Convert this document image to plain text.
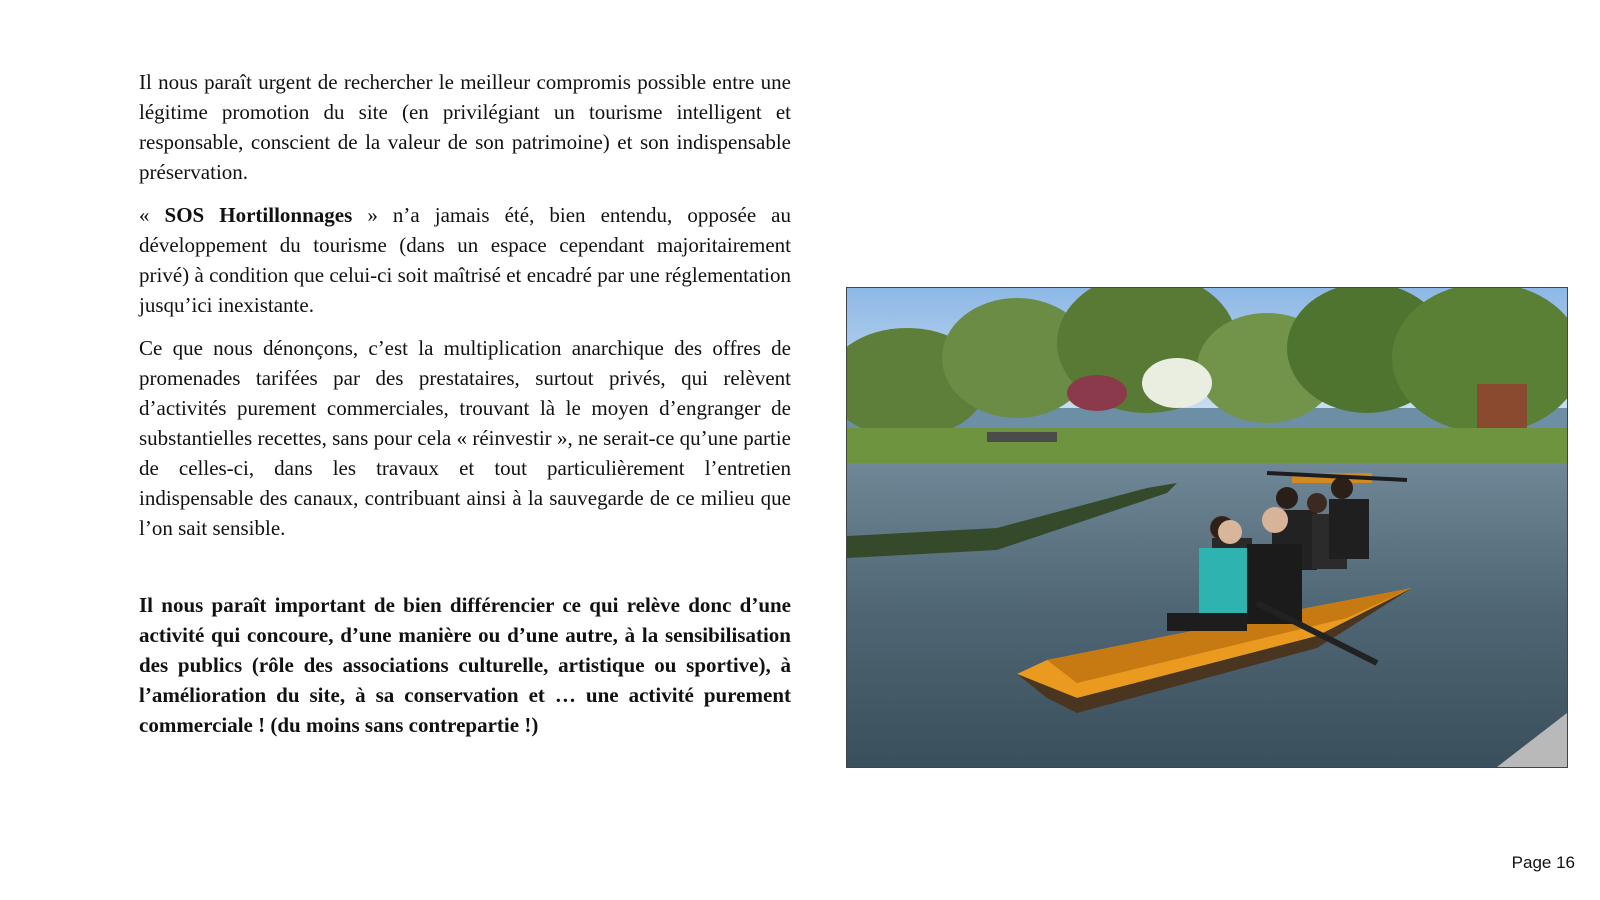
Il nous paraît urgent de rechercher le meilleur compromis possible entre une légitime promotion du site (en privilégiant un tourisme intelligent et responsable, conscient de la valeur de son patrimoine) et son indispensable préservation.

« SOS Hortillonnages » n’a jamais été, bien entendu, opposée au développement du tourisme (dans un espace cependant majoritairement privé) à condition que celui-ci soit maîtrisé et encadré par une réglementation jusqu’ici inexistante.

Ce que nous dénonçons, c’est la multiplication anarchique des offres de promenades tarifées par des prestataires, surtout privés, qui relèvent d’activités purement commerciales, trouvant là le moyen d’engranger de substantielles recettes, sans pour cela « réinvestir », ne serait-ce qu’une partie de celles-ci, dans les travaux et tout particulièrement l’entretien indispensable des canaux, contribuant ainsi à la sauvegarde de ce milieu que l’on sait sensible.

Il nous paraît important de bien différencier ce qui relève donc d’une activité qui concoure, d’une manière ou d’une autre, à la sensibilisation des publics (rôle des associations culturelle, artistique ou sportive), à l’amélioration du site, à sa conservation et … une activité purement commerciale ! (du moins sans contrepartie !)

Page 16
